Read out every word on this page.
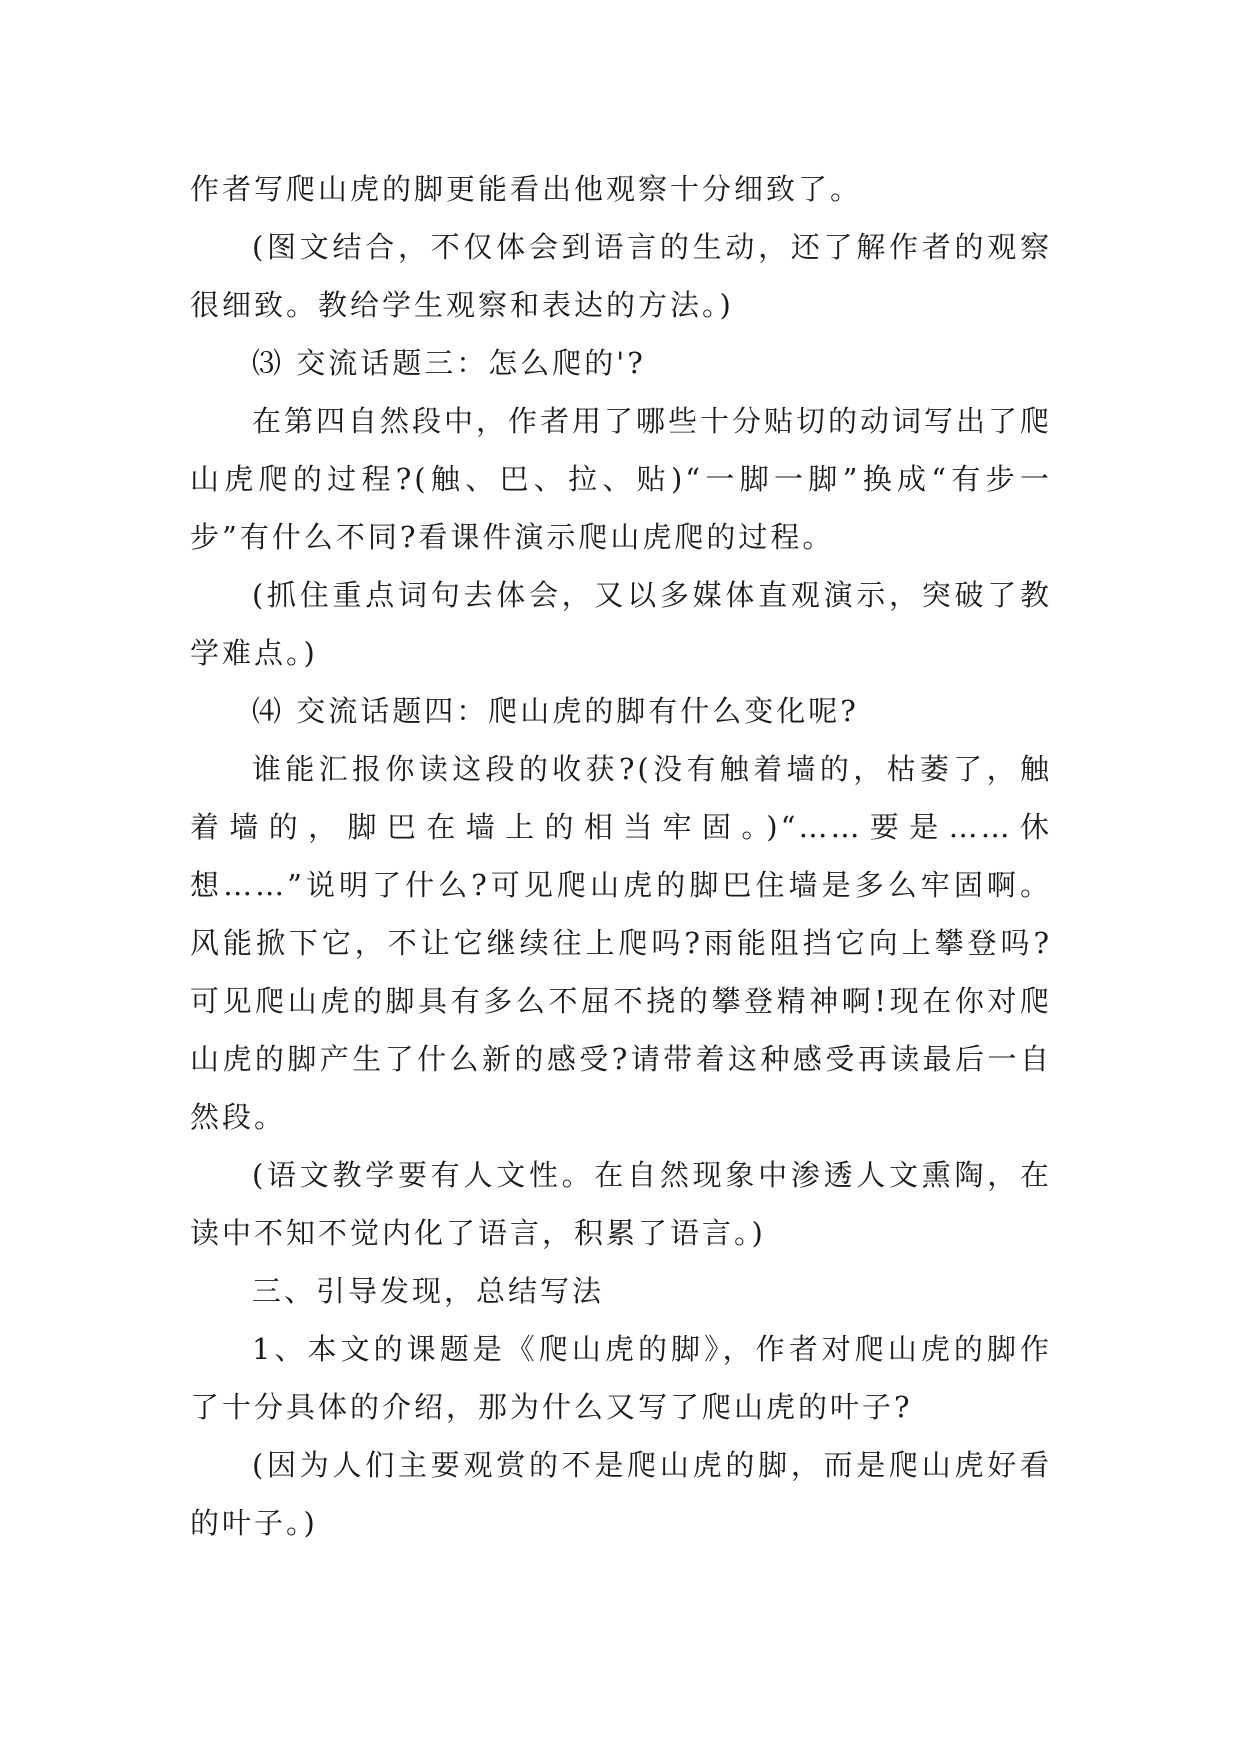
作者写爬山虎的脚更能看出他观察十分细致了。

(图文结合，不仅体会到语言的生动，还了解作者的观察很细致。教给学生观察和表达的方法。)

⑶ 交流话题三：怎么爬的'?

在第四自然段中，作者用了哪些十分贴切的动词写出了爬山虎爬的过程?(触、巴、拉、贴)“一脚一脚”换成“有步一步”有什么不同?看课件演示爬山虎爬的过程。

(抓住重点词句去体会，又以多媒体直观演示，突破了教学难点。)

⑷ 交流话题四：爬山虎的脚有什么变化呢?

谁能汇报你读这段的收获?(没有触着墙的，枯萎了，触着墙的，脚巴在墙上的相当牢固。)“……要是……休想……”说明了什么?可见爬山虎的脚巴住墙是多么牢固啊。风能掀下它，不让它继续往上爬吗?雨能阻挡它向上攀登吗?可见爬山虎的脚具有多么不屈不挠的攀登精神啊!现在你对爬山虎的脚产生了什么新的感受?请带着这种感受再读最后一自然段。

(语文教学要有人文性。在自然现象中渗透人文熏陶，在读中不知不觉内化了语言，积累了语言。)

三、引导发现，总结写法

1、本文的课题是《爬山虎的脚》，作者对爬山虎的脚作了十分具体的介绍，那为什么又写了爬山虎的叶子?

(因为人们主要观赏的不是爬山虎的脚，而是爬山虎好看的叶子。)
